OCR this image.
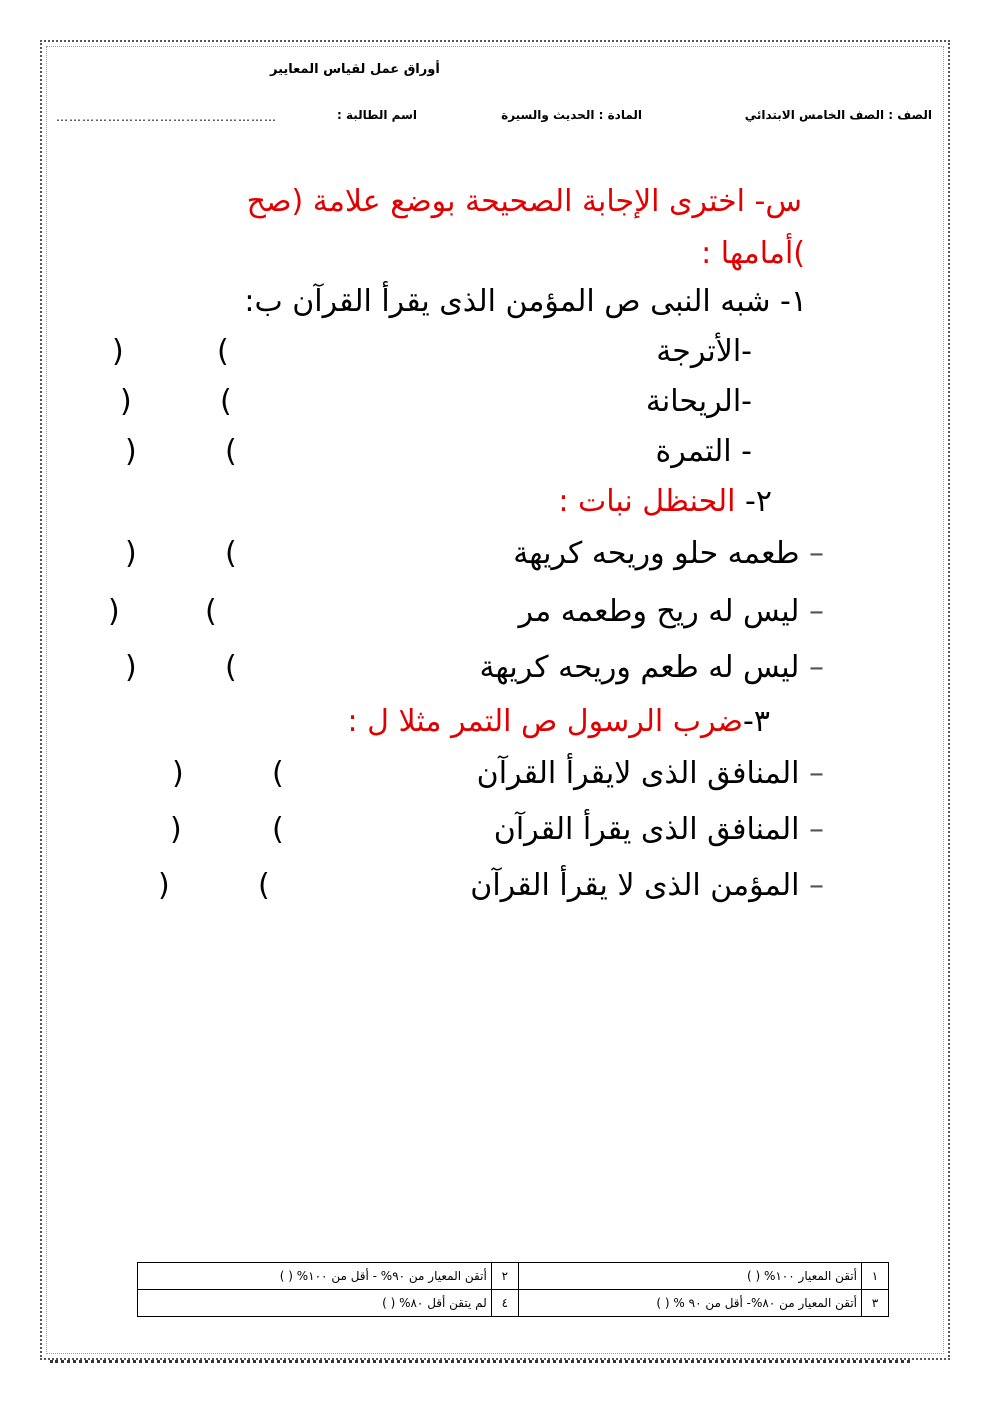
أوراق عمل لقياس المعايير
الصف : الصف الخامس الابتدائي
المادة : الحديث والسيرة
اسم الطالبة :
……………………………………………
س- اخترى الإجابة الصحيحة بوضع علامة (صح
)أمامها :
١- شبه النبى ص المؤمن الذى يقرأ القرآن ب:
-الأترجة
(
)
-الريحانة
(
)
- التمرة
(
)
٢- الحنظل نبات :
– طعمه حلو وريحه كريهة
(
)
– ليس له ريح وطعمه مر
(
)
– ليس له طعم وريحه كريهة
(
)
٣-ضرب الرسول ص التمر مثلا ل :
– المنافق الذى لايقرأ القرآن
(
)
– المنافق الذى يقرأ القرآن
(
)
– المؤمن الذى لا يقرأ القرآن
(
)
١	أتقن المعيار ١٠٠% ( )	٢	أتقن المعيار من ٩٠% - أقل من ١٠٠% ( )
٣	أتقن المعيار من ٨٠%- أقل من ٩٠ % ( )	٤	لم يتقن أقل ٨٠% ( )
